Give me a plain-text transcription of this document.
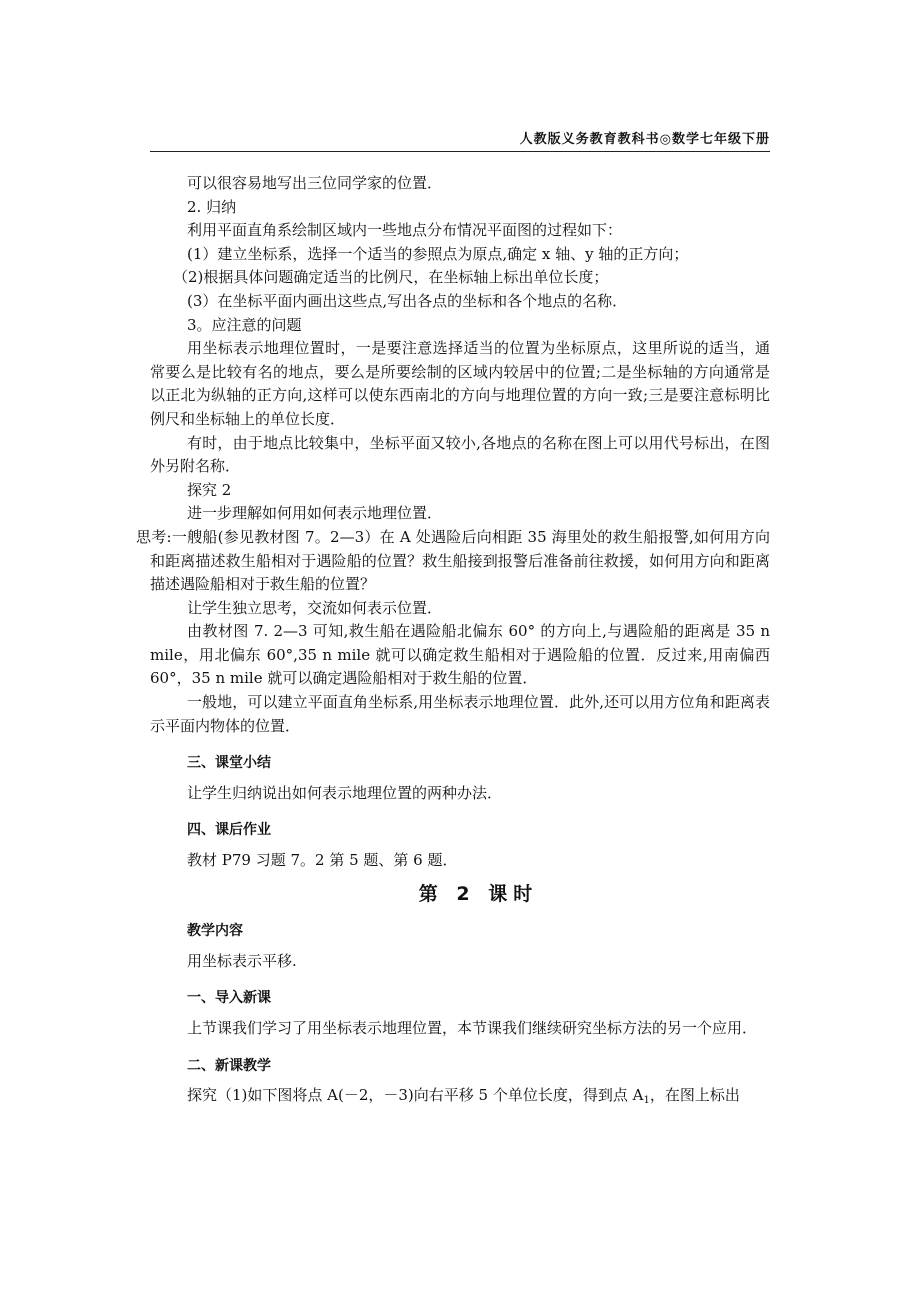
人教版义务教育教科书◎数学七年级下册

可以很容易地写出三位同学家的位置．

2. 归纳

利用平面直角系绘制区域内一些地点分布情况平面图的过程如下：

(1）建立坐标系，选择一个适当的参照点为原点,确定 x 轴、y 轴的正方向；

（2)根据具体问题确定适当的比例尺，在坐标轴上标出单位长度；

(3）在坐标平面内画出这些点,写出各点的坐标和各个地点的名称．

3。应注意的问题

用坐标表示地理位置时，一是要注意选择适当的位置为坐标原点，这里所说的适当，通常要么是比较有名的地点，要么是所要绘制的区域内较居中的位置;二是坐标轴的方向通常是以正北为纵轴的正方向,这样可以使东西南北的方向与地理位置的方向一致;三是要注意标明比例尺和坐标轴上的单位长度．

有时，由于地点比较集中，坐标平面又较小,各地点的名称在图上可以用代号标出，在图外另附名称．

探究 2

进一步理解如何用如何表示地理位置．

思考:一艘船(参见教材图 7。2—3）在 A 处遇险后向相距 35 海里处的救生船报警,如何用方向和距离描述救生船相对于遇险船的位置？救生船接到报警后准备前往救援，如何用方向和距离描述遇险船相对于救生船的位置？

让学生独立思考，交流如何表示位置．

由教材图 7. 2—3 可知,救生船在遇险船北偏东 60° 的方向上,与遇险船的距离是 35 n mile，用北偏东 60°,35 n mile 就可以确定救生船相对于遇险船的位置．反过来,用南偏西 60°，35 n mile 就可以确定遇险船相对于救生船的位置．

一般地，可以建立平面直角坐标系,用坐标表示地理位置．此外,还可以用方位角和距离表示平面内物体的位置．

三、课堂小结

让学生归纳说出如何表示地理位置的两种办法．

四、课后作业

教材 P79 习题 7。2 第 5 题、第 6 题．

第 2 课时

教学内容

用坐标表示平移.

一、导入新课

上节课我们学习了用坐标表示地理位置，本节课我们继续研究坐标方法的另一个应用．

二、新课教学

探究（1)如下图将点 A(－2，－3)向右平移 5 个单位长度，得到点 $A_1$，在图上标出
